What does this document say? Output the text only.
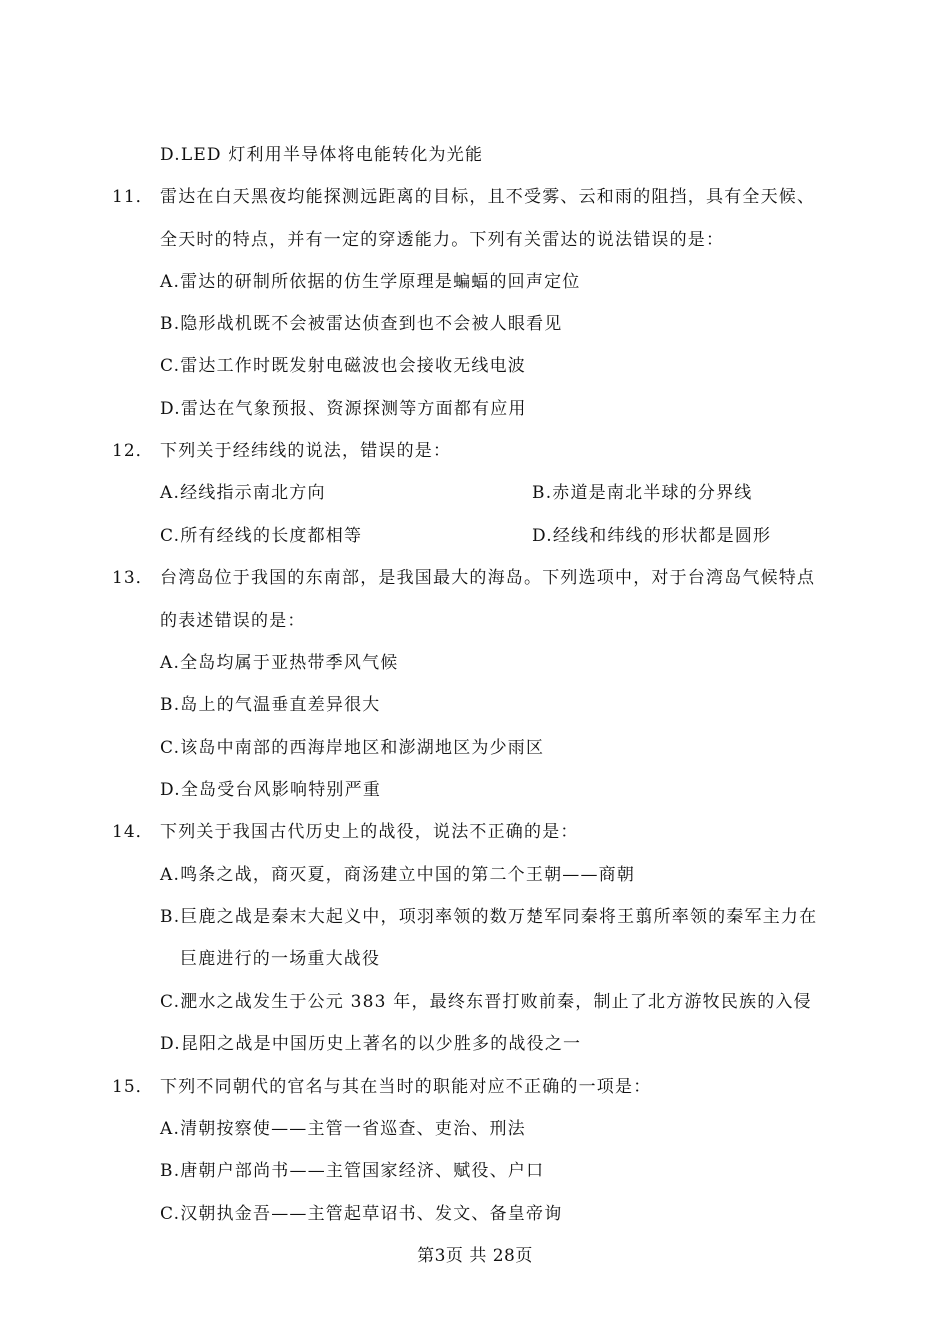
D.LED 灯利用半导体将电能转化为光能
11． 雷达在白天黑夜均能探测远距离的目标，且不受雾、云和雨的阻挡，具有全天候、
全天时的特点，并有一定的穿透能力。下列有关雷达的说法错误的是：
A.雷达的研制所依据的仿生学原理是蝙蝠的回声定位
B.隐形战机既不会被雷达侦查到也不会被人眼看见
C.雷达工作时既发射电磁波也会接收无线电波
D.雷达在气象预报、资源探测等方面都有应用
12． 下列关于经纬线的说法，错误的是：
A.经线指示南北方向	B.赤道是南北半球的分界线
C.所有经线的长度都相等	D.经线和纬线的形状都是圆形
13． 台湾岛位于我国的东南部，是我国最大的海岛。下列选项中，对于台湾岛气候特点
的表述错误的是：
A.全岛均属于亚热带季风气候
B.岛上的气温垂直差异很大
C.该岛中南部的西海岸地区和澎湖地区为少雨区
D.全岛受台风影响特别严重
14． 下列关于我国古代历史上的战役，说法不正确的是：
A.鸣条之战，商灭夏，商汤建立中国的第二个王朝——商朝
B.巨鹿之战是秦末大起义中，项羽率领的数万楚军同秦将王翦所率领的秦军主力在
巨鹿进行的一场重大战役
C.淝水之战发生于公元 383 年，最终东晋打败前秦，制止了北方游牧民族的入侵
D.昆阳之战是中国历史上著名的以少胜多的战役之一
15． 下列不同朝代的官名与其在当时的职能对应不正确的一项是：
A.清朝按察使——主管一省巡查、吏治、刑法
B.唐朝户部尚书——主管国家经济、赋役、户口
C.汉朝执金吾——主管起草诏书、发文、备皇帝询
第3页 共 28页
